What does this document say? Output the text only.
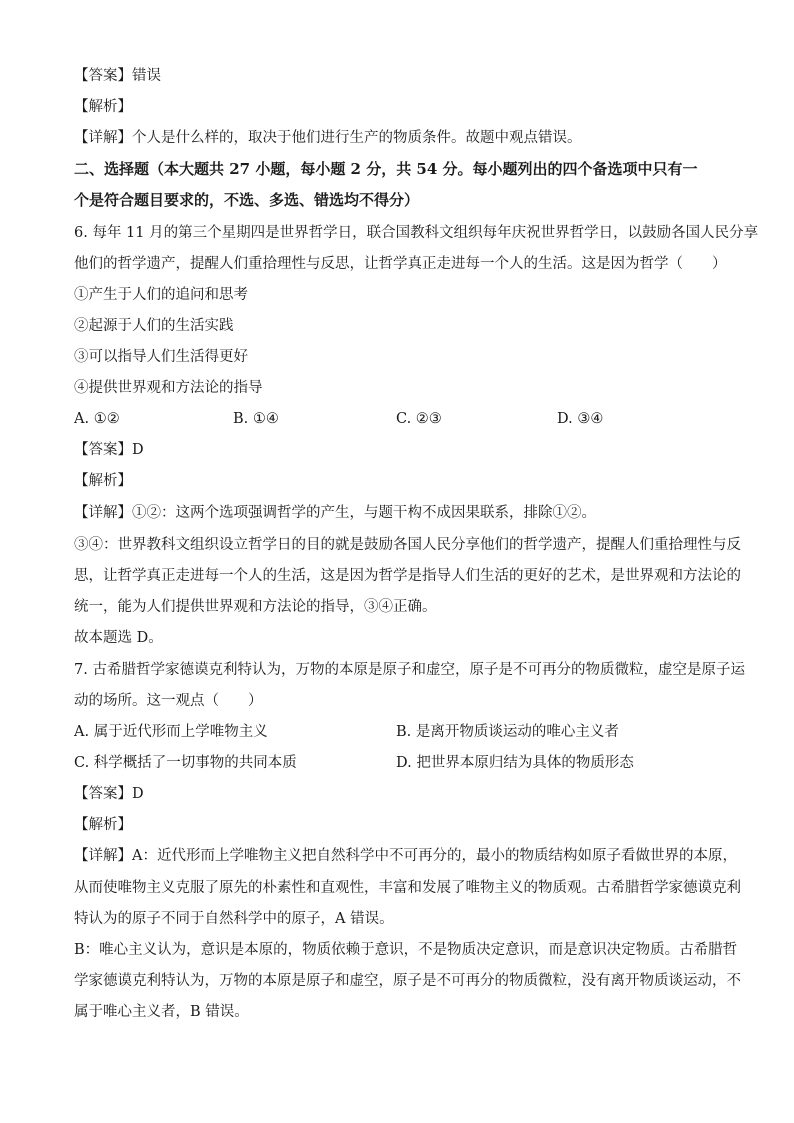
【答案】错误
【解析】
【详解】个人是什么样的，取决于他们进行生产的物质条件。故题中观点错误。
二、选择题（本大题共 27 小题，每小题 2 分，共 54 分。每小题列出的四个备选项中只有一
个是符合题目要求的，不选、多选、错选均不得分）
6. 每年 11 月的第三个星期四是世界哲学日，联合国教科文组织每年庆祝世界哲学日，以鼓励各国人民分享
他们的哲学遗产，提醒人们重拾理性与反思，让哲学真正走进每一个人的生活。这是因为哲学（　　）
①产生于人们的追问和思考
②起源于人们的生活实践
③可以指导人们生活得更好
④提供世界观和方法论的指导
A. ①②	B. ①④	C. ②③	D. ③④
【答案】D
【解析】
【详解】①②：这两个选项强调哲学的产生，与题干构不成因果联系，排除①②。
③④：世界教科文组织设立哲学日的目的就是鼓励各国人民分享他们的哲学遗产，提醒人们重拾理性与反
思，让哲学真正走进每一个人的生活，这是因为哲学是指导人们生活的更好的艺术，是世界观和方法论的
统一，能为人们提供世界观和方法论的指导，③④正确。
故本题选 D。
7. 古希腊哲学家德谟克利特认为，万物的本原是原子和虚空，原子是不可再分的物质微粒，虚空是原子运
动的场所。这一观点（　　）
A. 属于近代形而上学唯物主义	B. 是离开物质谈运动的唯心主义者
C. 科学概括了一切事物的共同本质	D. 把世界本原归结为具体的物质形态
【答案】D
【解析】
【详解】A：近代形而上学唯物主义把自然科学中不可再分的，最小的物质结构如原子看做世界的本原，
从而使唯物主义克服了原先的朴素性和直观性，丰富和发展了唯物主义的物质观。古希腊哲学家德谟克利
特认为的原子不同于自然科学中的原子，A 错误。
B：唯心主义认为，意识是本原的，物质依赖于意识，不是物质决定意识，而是意识决定物质。古希腊哲
学家德谟克利特认为，万物的本原是原子和虚空，原子是不可再分的物质微粒，没有离开物质谈运动，不
属于唯心主义者，B 错误。
